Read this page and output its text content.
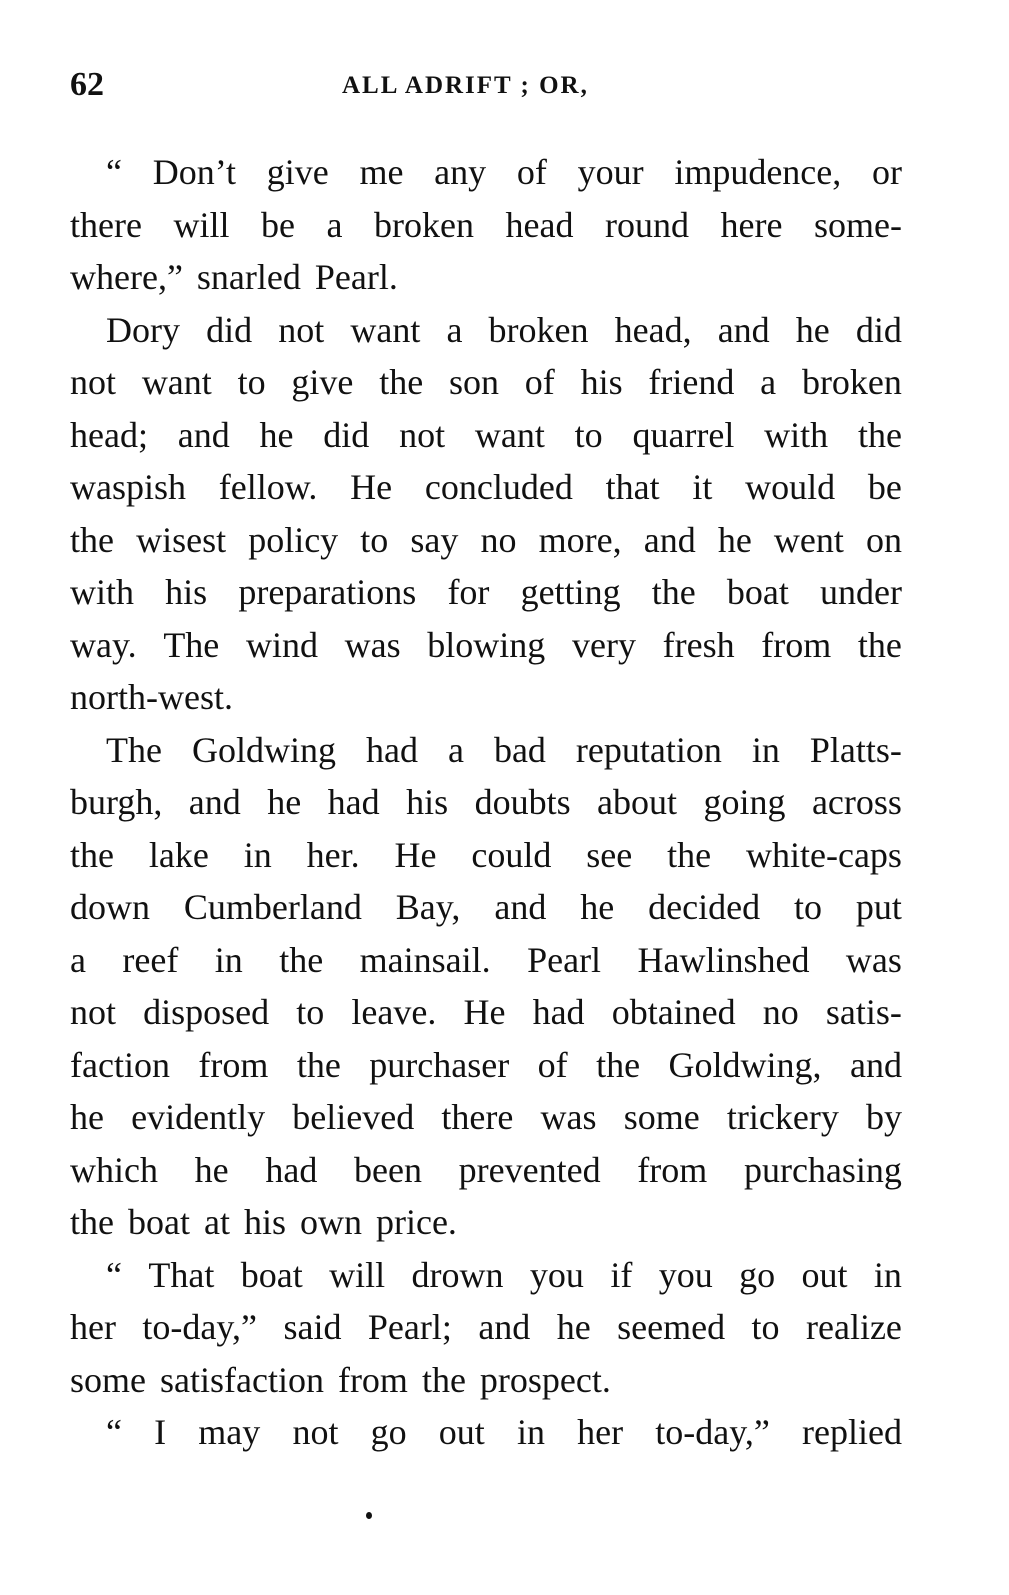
62	ALL ADRIFT ; OR,
“ Don’t give me any of your impudence, or
there will be a broken head round here some-
where,” snarled Pearl.
Dory did not want a broken head, and he did
not want to give the son of his friend a broken
head; and he did not want to quarrel with the
waspish fellow. He concluded that it would be
the wisest policy to say no more, and he went on
with his preparations for getting the boat under
way. The wind was blowing very fresh from the
north-west.
The Goldwing had a bad reputation in Platts-
burgh, and he had his doubts about going across
the lake in her. He could see the white-caps
down Cumberland Bay, and he decided to put
a reef in the mainsail. Pearl Hawlinshed was
not disposed to leave. He had obtained no satis-
faction from the purchaser of the Goldwing, and
he evidently believed there was some trickery by
which he had been prevented from purchasing
the boat at his own price.
“ That boat will drown you if you go out in
her to-day,” said Pearl; and he seemed to realize
some satisfaction from the prospect.
“ I may not go out in her to-day,” replied
